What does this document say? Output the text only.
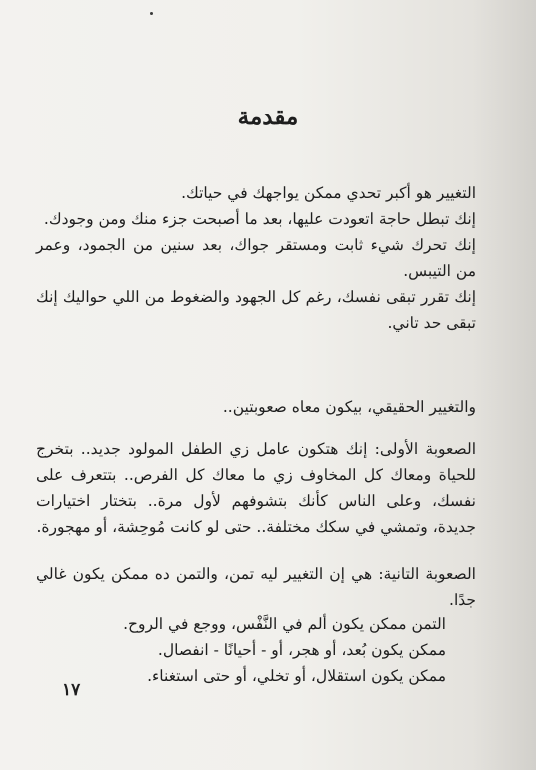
مقدمة

التغيير هو أكبر تحدي ممكن يواجهك في حياتك.

إنك تبطل حاجة اتعودت عليها، بعد ما أصبحت جزء منك ومن وجودك.

إنك تحرك شيء ثابت ومستقر جواك، بعد سنين من الجمود، وعمر من التيبس.

إنك تقرر تبقى نفسك، رغم كل الجهود والضغوط من اللي حواليك إنك تبقى حد تاني.

والتغيير الحقيقي، بيكون معاه صعوبتين..

الصعوبة الأولى: إنك هتكون عامل زي الطفل المولود جديد.. بتخرج للحياة ومعاك كل المخاوف زي ما معاك كل الفرص.. بتتعرف على نفسك، وعلى الناس كأنك بتشوفهم لأول مرة.. بتختار اختيارات جديدة، وتمشي في سكك مختلفة.. حتى لو كانت مُوحِشة، أو مهجورة.

الصعوبة التانية: هي إن التغيير ليه تمن، والتمن ده ممكن يكون غالي جدًا.

التمن ممكن يكون ألم في النَّفْس، ووجع في الروح.

ممكن يكون بُعد، أو هجر، أو - أحيانًا - انفصال.

ممكن يكون استقلال، أو تخلي، أو حتى استغناء.

١٧
